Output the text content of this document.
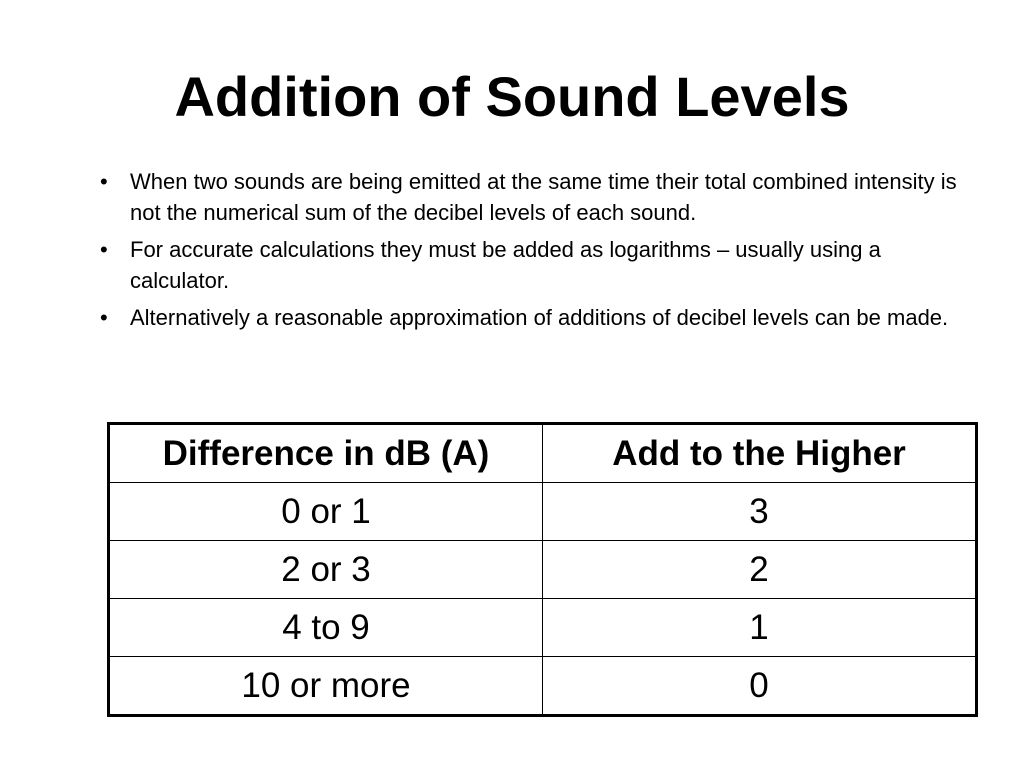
Addition of Sound Levels
•	When two sounds are being emitted at the same time their total combined intensity is not the numerical sum of the decibel levels of each sound.
•	For accurate calculations they must be added as logarithms – usually using a calculator.
•	Alternatively a reasonable approximation of additions of decibel levels can be made.
Difference in dB (A)	Add to the Higher
0 or 1	3
2 or 3	2
4 to 9	1
10 or more	0
